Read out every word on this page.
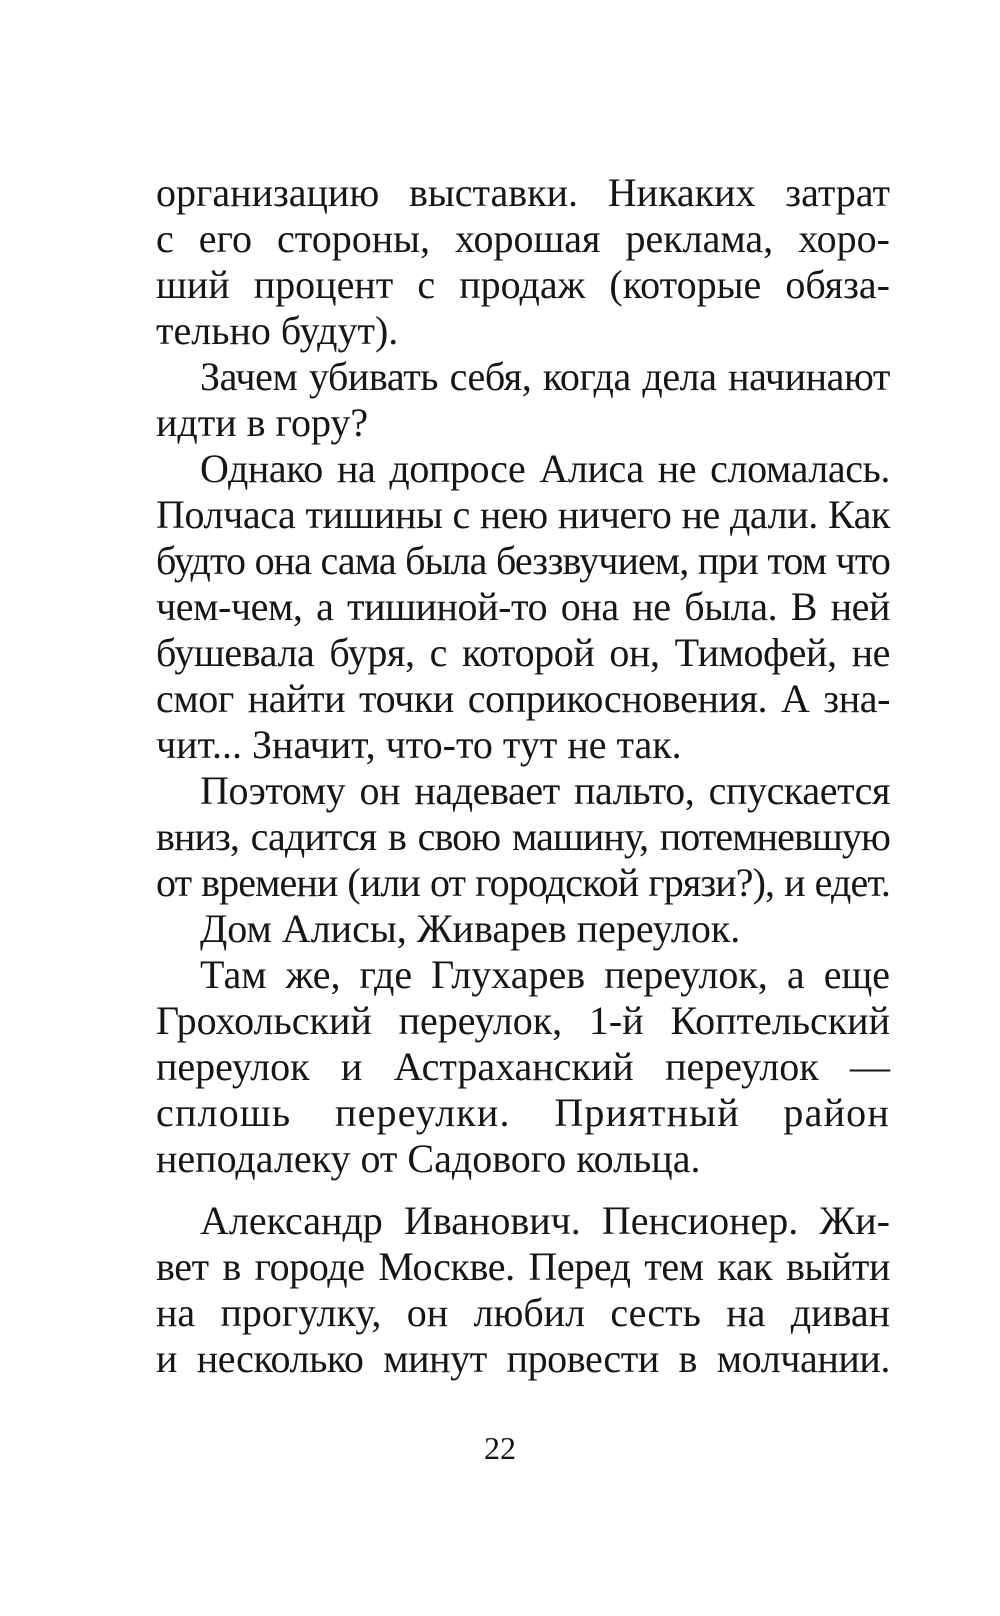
организацию выставки. Никаких затрат
с его стороны, хорошая реклама, хоро-
ший процент с продаж (которые обяза-
тельно будут).
Зачем убивать себя, когда дела начинают
идти в гору?
Однако на допросе Алиса не сломалась.
Полчаса тишины с нею ничего не дали. Как
будто она сама была беззвучием, при том что
чем-чем, а тишиной-то она не была. В ней
бушевала буря, с которой он, Тимофей, не
смог найти точки соприкосновения. А зна-
чит... Значит, что-то тут не так.
Поэтому он надевает пальто, спускается
вниз, садится в свою машину, потемневшую
от времени (или от городской грязи?), и едет.
Дом Алисы, Живарев переулок.
Там же, где Глухарев переулок, а еще
Грохольский переулок, 1-й Коптельский
переулок и Астраханский переулок —
сплошь переулки. Приятный район
неподалеку от Садового кольца.
Александр Иванович. Пенсионер. Жи-
вет в городе Москве. Перед тем как выйти
на прогулку, он любил сесть на диван
и несколько минут провести в молчании.
22
